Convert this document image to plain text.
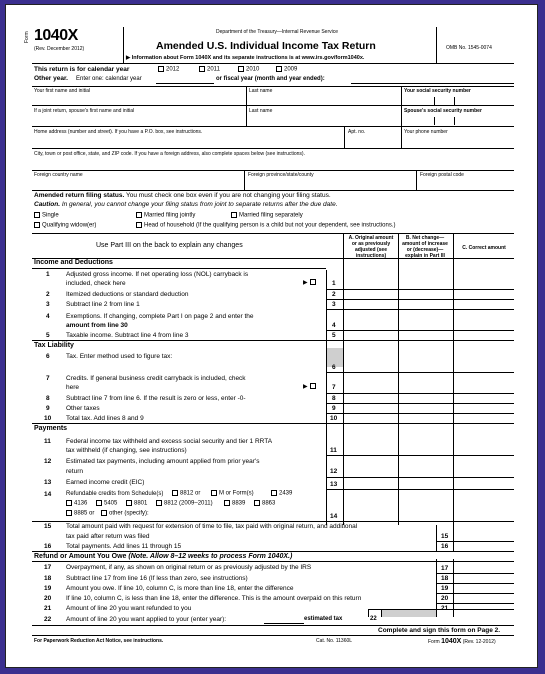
1040X
(Rev. December 2012)
Form	Department of the Treasury—Internal Revenue Service
Amended U.S. Individual Income Tax Return
▶ Information about Form 1040X and its separate instructions is at www.irs.gov/form1040x.
OMB No. 1545-0074
This return is for calendar year	2012	2011	2010	2009
Other year. Enter one: calendar year	or fiscal year (month and year ended):
Your first name and initial	Last name	Your social security number
If a joint return, spouse's first name and initial	Last name	Spouse's social security number
Home address (number and street). If you have a P.O. box, see instructions.	Apt. no.	Your phone number
City, town or post office, state, and ZIP code. If you have a foreign address, also complete spaces below (see instructions).
Foreign country name	Foreign province/state/county	Foreign postal code
Amended return filing status. You must check one box even if you are not changing your filing status.
Caution. In general, you cannot change your filing status from joint to separate returns after the due date.
Single	Married filing jointly	Married filing separately
Qualifying widow(er)	Head of household (If the qualifying person is a child but not your dependent, see instructions.)
Use Part III on the back to explain any changes
A. Original amount or as previously adjusted (see instructions)
B. Net change— amount of increase or (decrease)— explain in Part III
C. Correct amount
Income and Deductions
1	Adjusted gross income. If net operating loss (NOL) carryback is
included, check here	▶	1
2	Itemized deductions or standard deduction	2
3	Subtract line 2 from line 1	3
4	Exemptions. If changing, complete Part I on page 2 and enter the
amount from line 30	4
5	Taxable income. Subtract line 4 from line 3	5
Tax Liability
6	Tax. Enter method used to figure tax:
6
7	Credits. If general business credit carryback is included, check
here	▶	7
8	Subtract line 7 from line 6. If the result is zero or less, enter -0-	8
9	Other taxes	9
10 Total tax. Add lines 8 and 9	10
Payments
11 Federal income tax withheld and excess social security and tier 1 RRTA
tax withheld (if changing, see instructions)	11
12 Estimated tax payments, including amount applied from prior year's
return	12
13 Earned income credit (EIC)	13
14 Refundable credits from Schedule(s)	8812 or	M or Form(s)	2439
4136	5405	8801	8812 (2009–2011)	8839	8863
8885 or	other (specify):	14
15 Total amount paid with request for extension of time to file, tax paid with original return, and additional
tax paid after return was filed	15
16 Total payments. Add lines 11 through 15	16
Refund or Amount You Owe (Note. Allow 8–12 weeks to process Form 1040X.)
17 Overpayment, if any, as shown on original return or as previously adjusted by the IRS	17
18 Subtract line 17 from line 16 (If less than zero, see instructions)	18
19 Amount you owe. If line 10, column C, is more than line 18, enter the difference	19
20 If line 10, column C, is less than line 18, enter the difference. This is the amount overpaid on this return	20
21 Amount of line 20 you want refunded to you	21
22 Amount of line 20 you want applied to your (enter year):	estimated tax	22
Complete and sign this form on Page 2.
For Paperwork Reduction Act Notice, see instructions.	Cat. No. 11360L	Form 1040X (Rev. 12-2012)
